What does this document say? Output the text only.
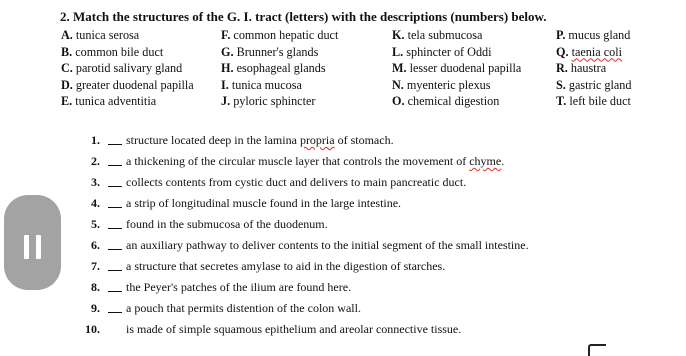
2. Match the structures of the G. I. tract (letters) with the descriptions (numbers) below.
A. tunica serosa
B. common bile duct
C. parotid salivary gland
D. greater duodenal papilla
E. tunica adventitia
F. common hepatic duct
G. Brunner's glands
H. esophageal glands
I. tunica mucosa
J. pyloric sphincter
K. tela submucosa
L. sphincter of Oddi
M. lesser duodenal papilla
N. myenteric plexus
O. chemical digestion
P. mucus gland
Q. taenia coli
R. haustra
S. gastric gland
T. left bile duct
1. structure located deep in the lamina propria of stomach.
2. a thickening of the circular muscle layer that controls the movement of chyme.
3. collects contents from cystic duct and delivers to main pancreatic duct.
4. a strip of longitudinal muscle found in the large intestine.
5. found in the submucosa of the duodenum.
6. an auxiliary pathway to deliver contents to the initial segment of the small intestine.
7. a structure that secretes amylase to aid in the digestion of starches.
8. the Peyer's patches of the ilium are found here.
9. a pouch that permits distention of the colon wall.
10. is made of simple squamous epithelium and areolar connective tissue.
